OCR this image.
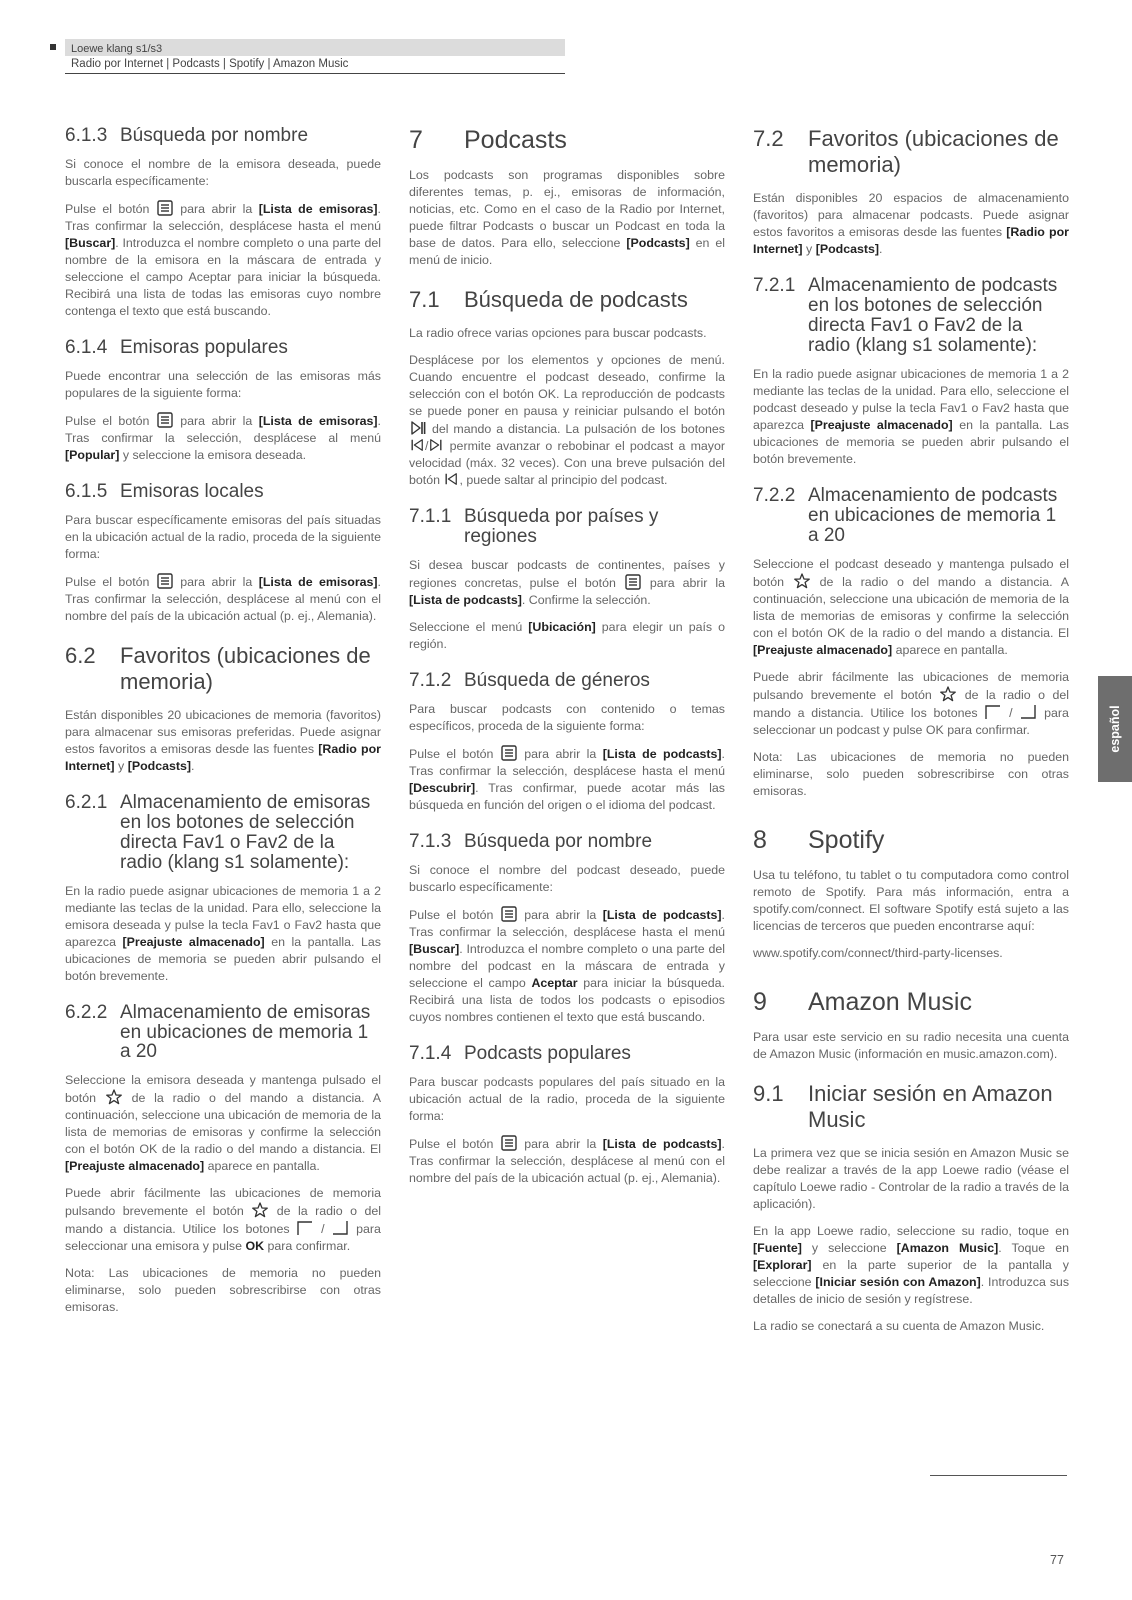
Loewe klang s1/s3
Radio por Internet | Podcasts | Spotify | Amazon Music
6.1.3 Búsqueda por nombre

Si conoce el nombre de la emisora deseada, puede buscarla específicamente:

Pulse el botón para abrir la [Lista de emisoras]. Tras confirmar la selección, desplácese hasta el menú [Buscar]. Introduzca el nombre completo o una parte del nombre de la emisora en la máscara de entrada y seleccione el campo Aceptar para iniciar la búsqueda. Recibirá una lista de todas las emisoras cuyo nombre contenga el texto que está buscando.

6.1.4 Emisoras populares

Puede encontrar una selección de las emisoras más populares de la siguiente forma:

Pulse el botón para abrir la [Lista de emisoras]. Tras confirmar la selección, desplácese al menú [Popular] y seleccione la emisora deseada.

6.1.5 Emisoras locales

Para buscar específicamente emisoras del país situadas en la ubicación actual de la radio, proceda de la siguiente forma:

Pulse el botón para abrir la [Lista de emisoras]. Tras confirmar la selección, desplácese al menú con el nombre del país de la ubicación actual (p. ej., Alemania).

6.2	Favoritos (ubicaciones de memoria)

Están disponibles 20 ubicaciones de memoria (favoritos) para almacenar sus emisoras preferidas. Puede asignar estos favoritos a emisoras desde las fuentes [Radio por Internet] y [Podcasts].

6.2.1 Almacenamiento de emisoras en los botones de selección directa Fav1 o Fav2 de la radio (klang s1 solamente):

En la radio puede asignar ubicaciones de memoria 1 a 2 mediante las teclas de la unidad. Para ello, seleccione la emisora deseada y pulse la tecla Fav1 o Fav2 hasta que aparezca [Preajuste almacenado] en la pantalla. Las ubicaciones de memoria se pueden abrir pulsando el botón brevemente.

6.2.2 Almacenamiento de emisoras en ubicaciones de memoria 1 a 20

Seleccione la emisora deseada y mantenga pulsado el botón	de la radio o del mando a distancia. A continuación, seleccione una ubicación de memoria de la lista de memorias de emisoras y confirme la selección con el botón OK de la radio o del mando a distancia. El [Preajuste almacenado] aparece en pantalla.

Puede abrir fácilmente las ubicaciones de memoria pulsando brevemente el botón	de la radio o del mando a distancia. Utilice los botones	/	para seleccionar una emisora y pulse OK para confirmar.

Nota: Las ubicaciones de memoria no pueden eliminarse, solo pueden sobrescribirse con otras emisoras.

7	Podcasts

Los podcasts son programas disponibles sobre diferentes temas, p. ej., emisoras de información, noticias, etc. Como en el caso de la Radio por Internet, puede filtrar Podcasts o buscar un Podcast en toda la base de datos. Para ello, seleccione [Podcasts] en el menú de inicio.

7.1	Búsqueda de podcasts

La radio ofrece varias opciones para buscar podcasts.

Desplácese por los elementos y opciones de menú. Cuando encuentre el podcast deseado, confirme la selección con el botón OK. La reproducción de podcasts se puede poner en pausa y reiniciar pulsando el botón
del mando a distancia. La pulsación de los botones
/ permite avanzar o rebobinar el podcast a mayor velocidad (máx. 32 veces). Con una breve pulsación del botón , puede saltar al principio del podcast.

7.1.1 Búsqueda por países y regiones

Si desea buscar podcasts de continentes, países y regiones concretas, pulse el botón	para abrir la [Lista de podcasts]. Confirme la selección.

Seleccione el menú [Ubicación] para elegir un país o región.

7.1.2 Búsqueda de géneros

Para buscar podcasts con contenido o temas específicos, proceda de la siguiente forma:

Pulse el botón para abrir la [Lista de podcasts]. Tras confirmar la selección, desplácese hasta el menú [Descubrir]. Tras confirmar, puede acotar más las búsqueda en función del origen o el idioma del podcast.

7.1.3 Búsqueda por nombre

Si conoce el nombre del podcast deseado, puede buscarlo específicamente:

Pulse el botón para abrir la [Lista de podcasts]. Tras confirmar la selección, desplácese hasta el menú [Buscar]. Introduzca el nombre completo o una parte del nombre del podcast en la máscara de entrada y seleccione el campo Aceptar para iniciar la búsqueda. Recibirá una lista de todos los podcasts o episodios cuyos nombres contienen el texto que está buscando.

7.1.4 Podcasts populares

Para buscar podcasts populares del país situado en la ubicación actual de la radio, proceda de la siguiente forma:

Pulse el botón para abrir la [Lista de podcasts]. Tras confirmar la selección, desplácese al menú con el nombre del país de la ubicación actual (p. ej., Alemania).

7.2	Favoritos (ubicaciones de memoria)

Están disponibles 20 espacios de almacenamiento (favoritos) para almacenar podcasts. Puede asignar estos favoritos a emisoras desde las fuentes [Radio por Internet] y [Podcasts].

7.2.1 Almacenamiento de podcasts en los botones de selección directa Fav1 o Fav2 de la radio (klang s1 solamente):

En la radio puede asignar ubicaciones de memoria 1 a 2 mediante las teclas de la unidad. Para ello, seleccione el podcast deseado y pulse la tecla Fav1 o Fav2 hasta que aparezca [Preajuste almacenado] en la pantalla. Las ubicaciones de memoria se pueden abrir pulsando el botón brevemente.

7.2.2 Almacenamiento de podcasts en ubicaciones de memoria 1 a 20

Seleccione el podcast deseado y mantenga pulsado el botón	de la radio o del mando a distancia. A continuación, seleccione una ubicación de memoria de la lista de memorias de emisoras y confirme la selección con el botón OK de la radio o del mando a distancia. El [Preajuste almacenado] aparece en pantalla.

Puede abrir fácilmente las ubicaciones de memoria pulsando brevemente el botón	de la radio o del mando a distancia. Utilice los botones	/	para seleccionar un podcast y pulse OK para confirmar.

Nota: Las ubicaciones de memoria no pueden eliminarse, solo pueden sobrescribirse con otras emisoras.

8	Spotify

Usa tu teléfono, tu tablet o tu computadora como control remoto de Spotify. Para más información, entra a spotify.com/connect. El software Spotify está sujeto a las licencias de terceros que pueden encontrarse aquí:

www.spotify.com/connect/third-party-licenses.

9	Amazon Music

Para usar este servicio en su radio necesita una cuenta de Amazon Music (información en music.amazon.com).

9.1	Iniciar sesión en Amazon Music

La primera vez que se inicia sesión en Amazon Music se debe realizar a través de la app Loewe radio (véase el capítulo Loewe radio - Controlar de la radio a través de la aplicación).

En la app Loewe radio, seleccione su radio, toque en [Fuente] y seleccione [Amazon Music]. Toque en [Explorar] en la parte superior de la pantalla y seleccione [Iniciar sesión con Amazon]. Introduzca sus detalles de inicio de sesión y regístrese.

La radio se conectará a su cuenta de Amazon Music.

español
77
